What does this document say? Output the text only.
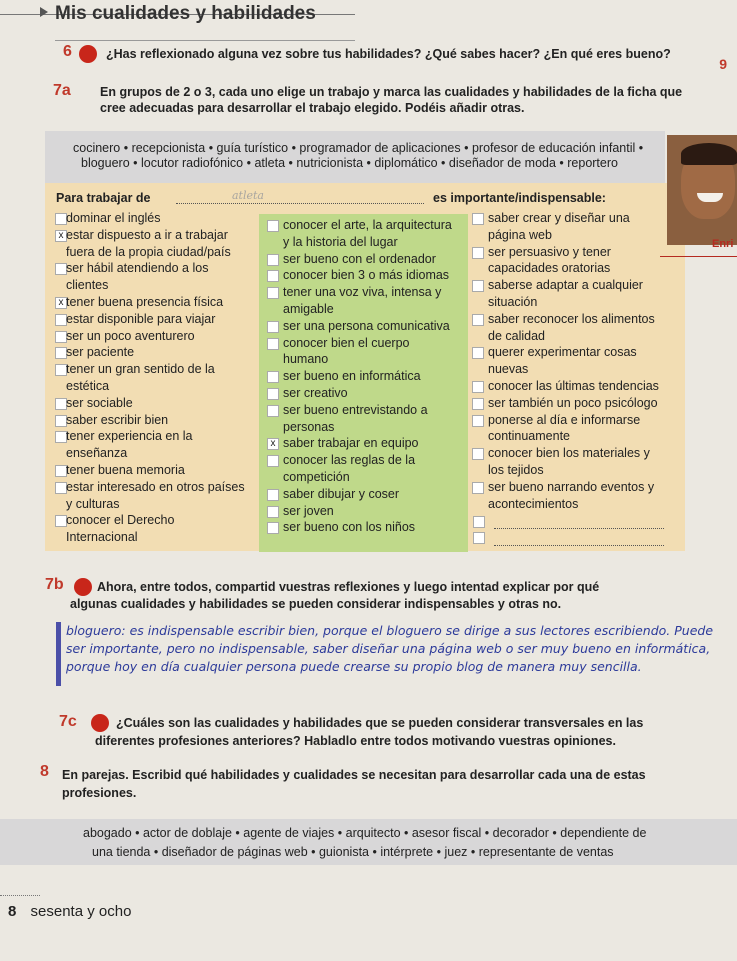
Mis cualidades y habilidades
9
6	¿Has reflexionado alguna vez sobre tus habilidades? ¿Qué sabes hacer? ¿En qué eres bueno?
7a En grupos de 2 o 3, cada uno elige un trabajo y marca las cualidades y habilidades de la ficha que
cree adecuadas para desarrollar el trabajo elegido. Podéis añadir otras.
cocinero • recepcionista • guía turístico • programador de aplicaciones • profesor de educación infantil •
bloguero • locutor radiofónico • atleta • nutricionista • diplomático • diseñador de moda • reportero
Para trabajar de	es importante/indispensable:
atleta
dominar el inglés
x estar dispuesto a ir a trabajar
fuera de la propia ciudad/país
ser hábil atendiendo a los
clientes
x tener buena presencia física
estar disponible para viajar
ser un poco aventurero
ser paciente
tener un gran sentido de la
estética
ser sociable
saber escribir bien
tener experiencia en la
enseñanza
tener buena memoria
estar interesado en otros países
y culturas
conocer el Derecho
Internacional
conocer el arte, la arquitectura
y la historia del lugar
ser bueno con el ordenador
conocer bien 3 o más idiomas
tener una voz viva, intensa y
amigable
ser una persona comunicativa
conocer bien el cuerpo
humano
ser bueno en informática
ser creativo
ser bueno entrevistando a
personas
x saber trabajar en equipo
conocer las reglas de la
competición
saber dibujar y coser
ser joven
ser bueno con los niños
saber crear y diseñar una
página web
ser persuasivo y tener
capacidades oratorias
saberse adaptar a cualquier
situación
saber reconocer los alimentos
de calidad
querer experimentar cosas
nuevas
conocer las últimas tendencias
ser también un poco psicólogo
ponerse al día e informarse
continuamente
conocer bien los materiales y
los tejidos
ser bueno narrando eventos y
acontecimientos
Enri
7b	Ahora, entre todos, compartid vuestras reflexiones y luego intentad explicar por qué
algunas cualidades y habilidades se pueden considerar indispensables y otras no.
bloguero: es indispensable escribir bien, porque el bloguero se dirige a sus lectores escribiendo. Puede
ser importante, pero no indispensable, saber diseñar una página web o ser muy bueno en informática,
porque hoy en día cualquier persona puede crearse su propio blog de manera muy sencilla.
7c	¿Cuáles son las cualidades y habilidades que se pueden considerar transversales en las
diferentes profesiones anteriores? Habladlo entre todos motivando vuestras opiniones.
8 En parejas. Escribid qué habilidades y cualidades se necesitan para desarrollar cada una de estas
profesiones.
abogado • actor de doblaje • agente de viajes • arquitecto • asesor fiscal • decorador • dependiente de
una tienda • diseñador de páginas web • guionista • intérprete • juez • representante de ventas
8 sesenta y ocho
